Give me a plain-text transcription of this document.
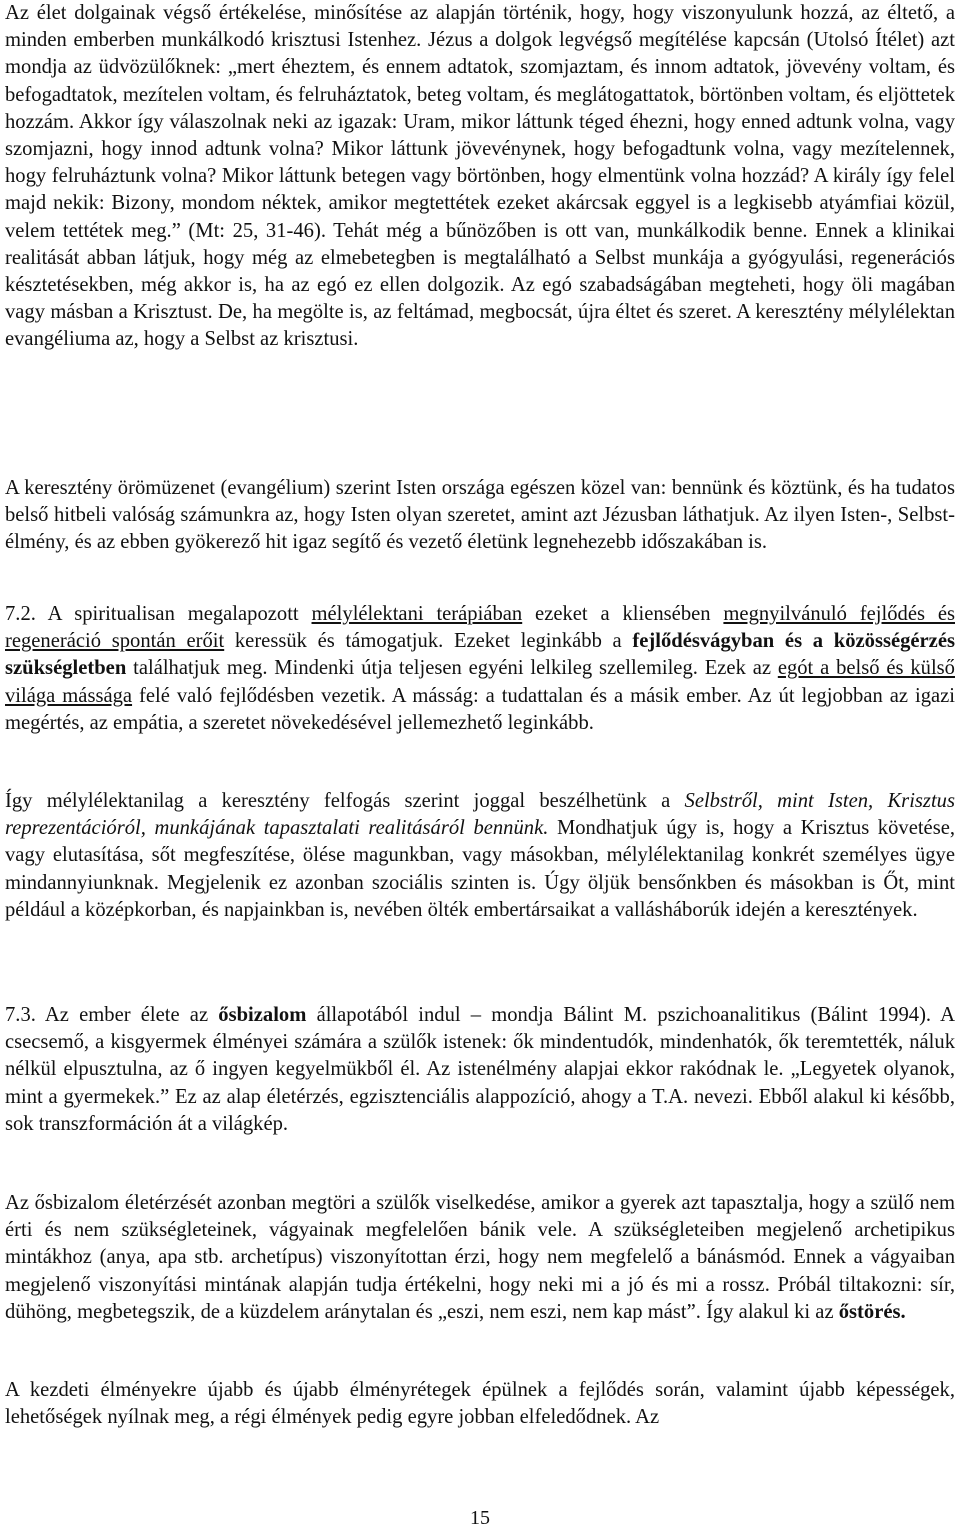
Az élet dolgainak végső értékelése, minősítése az alapján történik, hogy, hogy viszonyulunk hozzá, az éltető, a minden emberben munkálkodó krisztusi Istenhez. Jézus a dolgok legvégső megítélése kapcsán (Utolsó Ítélet) azt mondja az üdvözülőknek: „mert éheztem, és ennem adtatok, szomjaztam, és innom adtatok, jövevény voltam, és befogadtatok, mezítelen voltam, és felruháztatok, beteg voltam, és meglátogattatok, börtönben voltam, és eljöttetek hozzám. Akkor így válaszolnak neki az igazak: Uram, mikor láttunk téged éhezni, hogy enned adtunk volna, vagy szomjazni, hogy innod adtunk volna? Mikor láttunk jövevénynek, hogy befogadtunk volna, vagy mezítelennek, hogy felruháztunk volna? Mikor láttunk betegen vagy börtönben, hogy elmentünk volna hozzád? A király így felel majd nekik: Bizony, mondom néktek, amikor megtettétek ezeket akárcsak eggyel is a legkisebb atyámfiai közül, velem tettétek meg.” (Mt: 25, 31-46). Tehát még a bűnözőben is ott van, munkálkodik benne. Ennek a klinikai realitását abban látjuk, hogy még az elmebetegben is megtalálható a Selbst munkája a gyógyulási, regenerációs késztetésekben, még akkor is, ha az egó ez ellen dolgozik. Az egó szabadságában megteheti, hogy öli magában vagy másban a Krisztust. De, ha megölte is, az feltámad, megbocsát, újra éltet és szeret. A keresztény mélylélektan evangéliuma az, hogy a Selbst az krisztusi.

A keresztény örömüzenet (evangélium) szerint Isten országa egészen közel van: bennünk és köztünk, és ha tudatos belső hitbeli valóság számunkra az, hogy Isten olyan szeretet, amint azt Jézusban láthatjuk. Az ilyen Isten-, Selbst-élmény, és az ebben gyökerező hit igaz segítő és vezető életünk legnehezebb időszakában is.

7.2. A spiritualisan megalapozott mélylélektani terápiában ezeket a kliensében megnyilvánuló fejlődés és regeneráció spontán erőit keressük és támogatjuk. Ezeket leginkább a fejlődésvágyban és a közösségérzés szükségletben találhatjuk meg. Mindenki útja teljesen egyéni lelkileg szellemileg. Ezek az egót a belső és külső világa mássága felé való fejlődésben vezetik. A másság: a tudattalan és a másik ember. Az út legjobban az igazi megértés, az empátia, a szeretet növekedésével jellemezhető leginkább.

Így mélylélektanilag a keresztény felfogás szerint joggal beszélhetünk a Selbstről, mint Isten, Krisztus reprezentációról, munkájának tapasztalati realitásáról bennünk. Mondhatjuk úgy is, hogy a Krisztus követése, vagy elutasítása, sőt megfeszítése, ölése magunkban, vagy másokban, mélylélektanilag konkrét személyes ügye mindannyiunknak. Megjelenik ez azonban szociális szinten is. Úgy öljük bensőnkben és másokban is Őt, mint például a középkorban, és napjainkban is, nevében ölték embertársaikat a vallásháborúk idején a keresztények.

7.3. Az ember élete az ősbizalom állapotából indul – mondja Bálint M. pszichoanalitikus (Bálint 1994). A csecsemő, a kisgyermek élményei számára a szülők istenek: ők mindentudók, mindenhatók, ők teremtették, náluk nélkül elpusztulna, az ő ingyen kegyelmükből él. Az istenélmény alapjai ekkor rakódnak le. „Legyetek olyanok, mint a gyermekek.” Ez az alap életérzés, egzisztenciális alappozíció, ahogy a T.A. nevezi. Ebből alakul ki később, sok transzformáción át a világkép.

Az ősbizalom életérzését azonban megtöri a szülők viselkedése, amikor a gyerek azt tapasztalja, hogy a szülő nem érti és nem szükségleteinek, vágyainak megfelelően bánik vele. A szükségleteiben megjelenő archetipikus mintákhoz (anya, apa stb. archetípus) viszonyítottan érzi, hogy nem megfelelő a bánásmód. Ennek a vágyaiban megjelenő viszonyítási mintának alapján tudja értékelni, hogy neki mi a jó és mi a rossz. Próbál tiltakozni: sír, dühöng, megbetegszik, de a küzdelem aránytalan és „eszi, nem eszi, nem kap mást”. Így alakul ki az őstörés.

A kezdeti élményekre újabb és újabb élményrétegek épülnek a fejlődés során, valamint újabb képességek, lehetőségek nyílnak meg, a régi élmények pedig egyre jobban elfeledődnek. Az

15
